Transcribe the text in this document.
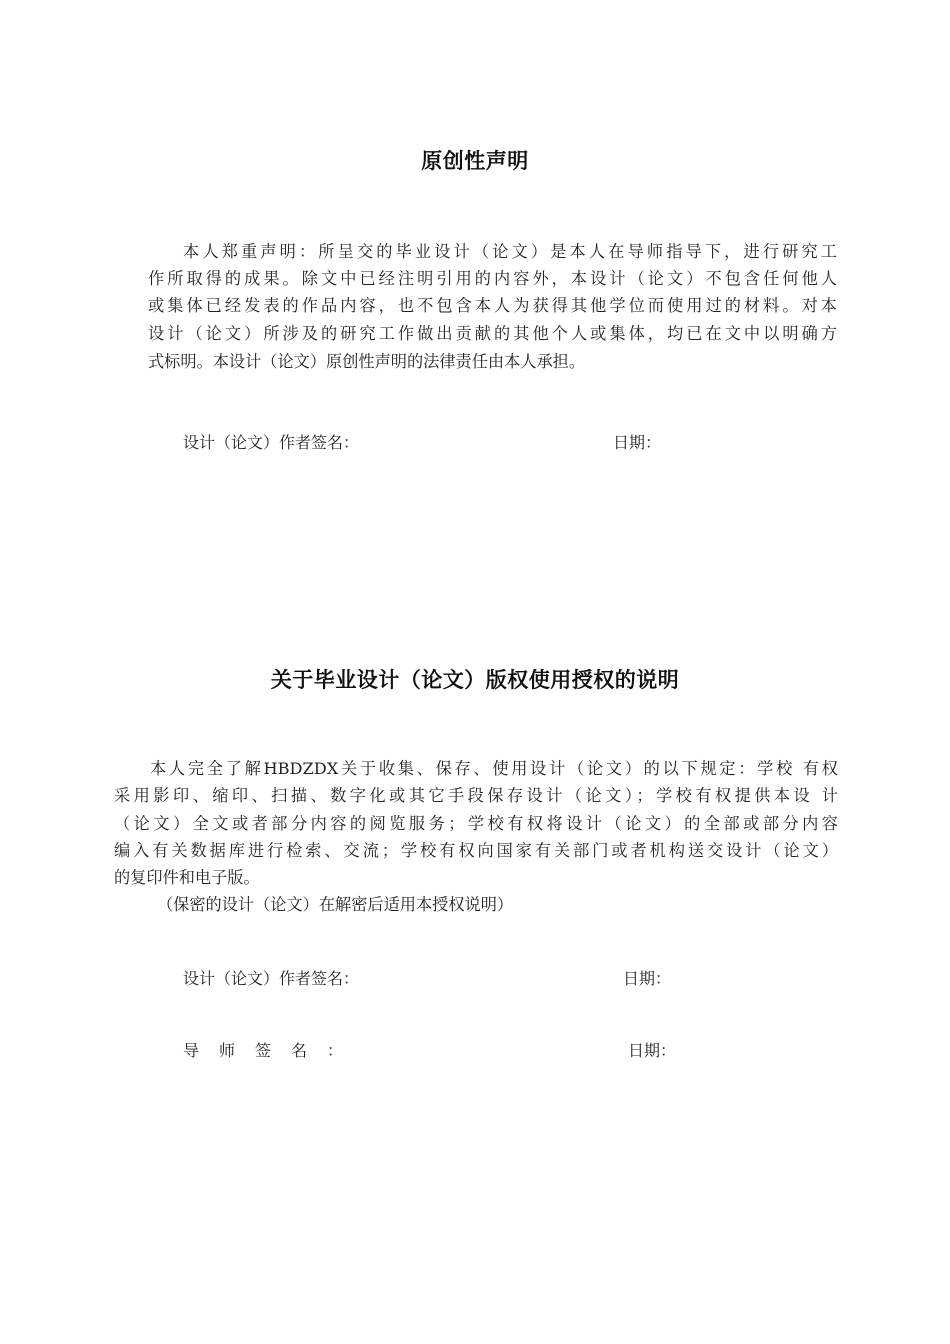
原创性声明
本人郑重声明：所呈交的毕业设计（论文）是本人在导师指导下，进行研究工
作所取得的成果。除文中已经注明引用的内容外，本设计（论文）不包含任何他人
或集体已经发表的作品内容，也不包含本人为获得其他学位而使用过的材料。对本
设计（论文）所涉及的研究工作做出贡献的其他个人或集体，均已在文中以明确方
式标明。本设计（论文）原创性声明的法律责任由本人承担。
设计（论文）作者签名：	日期：
关于毕业设计（论文）版权使用授权的说明
本人完全了解HBDZDX关于收集、保存、使用设计（论文）的以下规定：学校 有权
采用影印、缩印、扫描、数字化或其它手段保存设计（论文）；学校有权提供本设 计
（论文）全文或者部分内容的阅览服务；学校有权将设计（论文）的全部或部分内容
编入有关数据库进行检索、交流；学校有权向国家有关部门或者机构送交设计（论文）
的复印件和电子版。
（保密的设计（论文）在解密后适用本授权说明）
设计（论文）作者签名：	日期：
导师签名：	日期：
